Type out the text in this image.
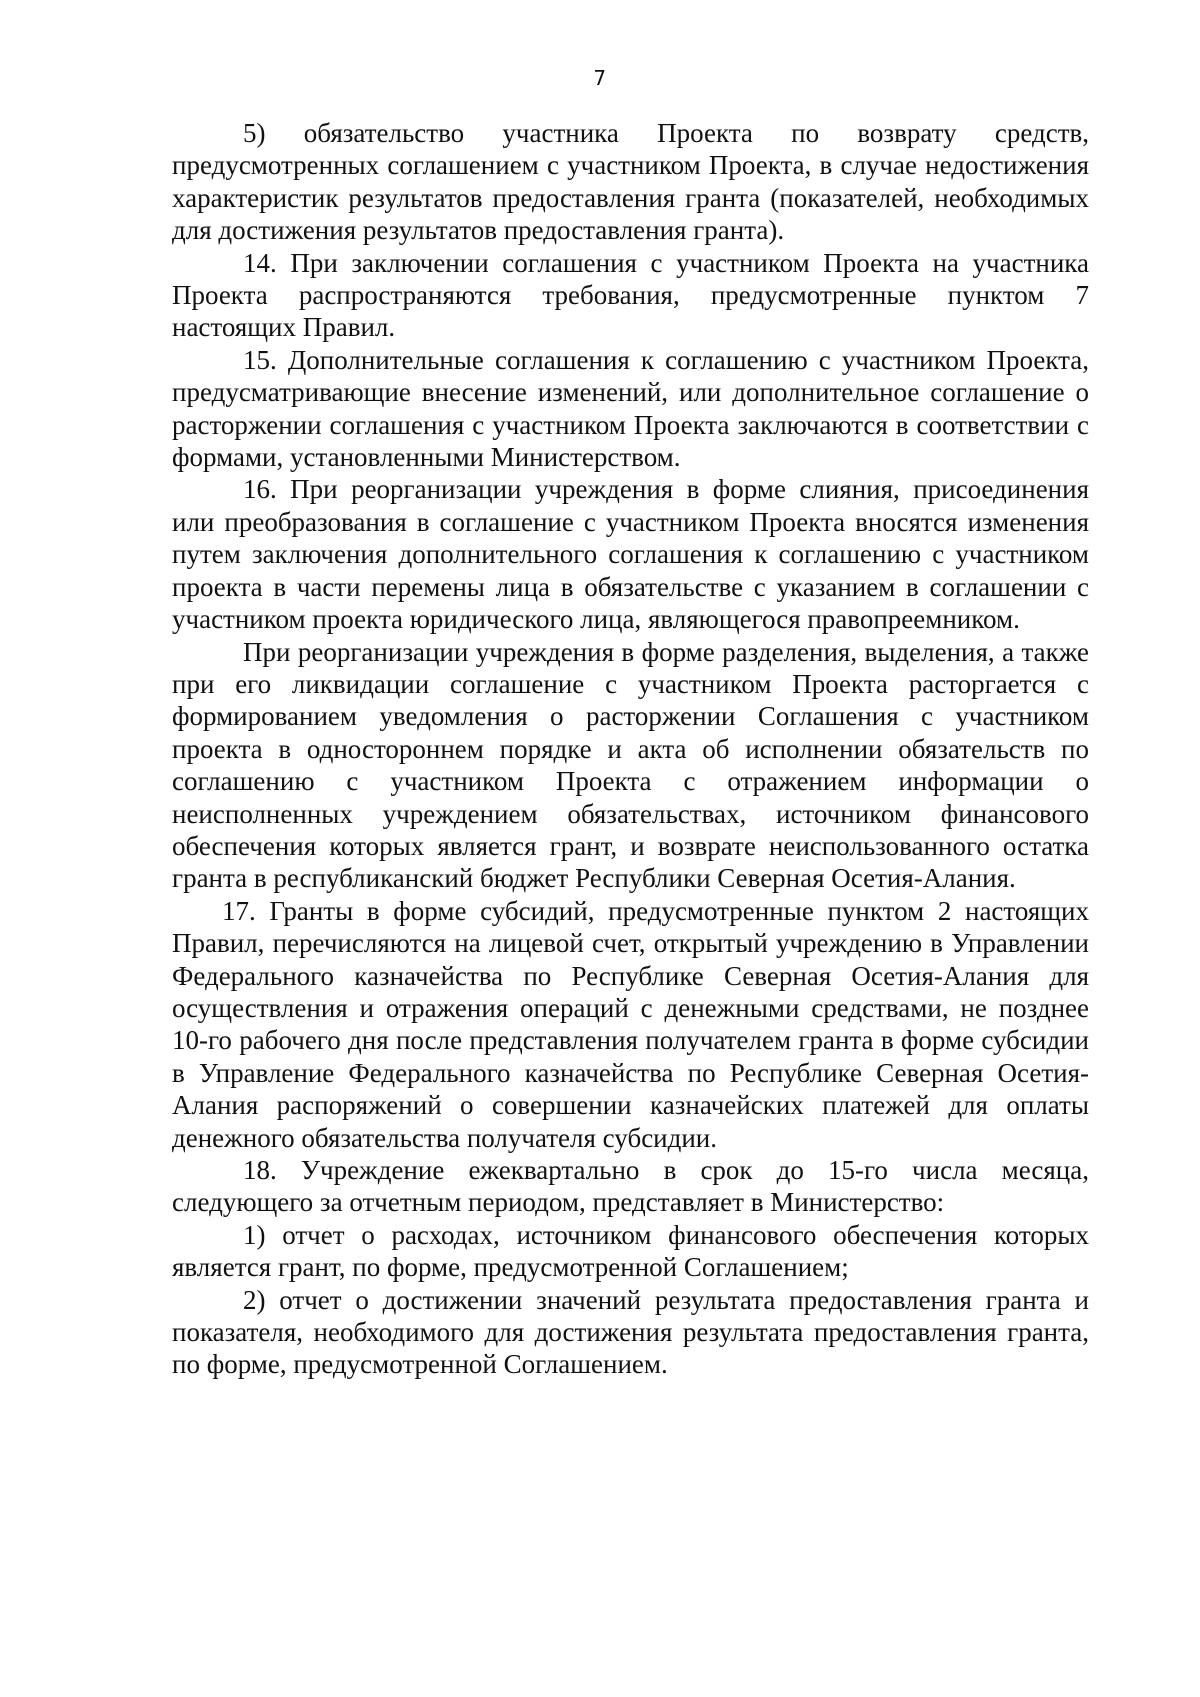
7

5) обязательство участника Проекта по возврату средств, предусмотренных соглашением с участником Проекта, в случае недостижения характеристик результатов предоставления гранта (показателей, необходимых для достижения результатов предоставления гранта).

14. При заключении соглашения с участником Проекта на участника Проекта распространяются требования, предусмотренные пунктом 7 настоящих Правил.

15. Дополнительные соглашения к соглашению с участником Проекта, предусматривающие внесение изменений, или дополнительное соглашение о расторжении соглашения с участником Проекта заключаются в соответствии с формами, установленными Министерством.

16. При реорганизации учреждения в форме слияния, присоединения или преобразования в соглашение с участником Проекта вносятся изменения путем заключения дополнительного соглашения к соглашению с участником проекта в части перемены лица в обязательстве с указанием в соглашении с участником проекта юридического лица, являющегося правопреемником.

При реорганизации учреждения в форме разделения, выделения, а также при его ликвидации соглашение с участником Проекта расторгается с формированием уведомления о расторжении Соглашения с участником проекта в одностороннем порядке и акта об исполнении обязательств по соглашению с участником Проекта с отражением информации о неисполненных учреждением обязательствах, источником финансового обеспечения которых является грант, и возврате неиспользованного остатка гранта в республиканский бюджет Республики Северная Осетия-Алания.

17. Гранты в форме субсидий, предусмотренные пунктом 2 настоящих Правил, перечисляются на лицевой счет, открытый учреждению в Управлении Федерального казначейства по Республике Северная Осетия-Алания для осуществления и отражения операций с денежными средствами, не позднее 10-го рабочего дня после представления получателем гранта в форме субсидии в Управление Федерального казначейства по Республике Северная Осетия-Алания распоряжений о совершении казначейских платежей для оплаты денежного обязательства получателя субсидии.

18. Учреждение ежеквартально в срок до 15-го числа месяца, следующего за отчетным периодом, представляет в Министерство:

1) отчет о расходах, источником финансового обеспечения которых является грант, по форме, предусмотренной Соглашением;

2) отчет о достижении значений результата предоставления гранта и показателя, необходимого для достижения результата предоставления гранта, по форме, предусмотренной Соглашением.
